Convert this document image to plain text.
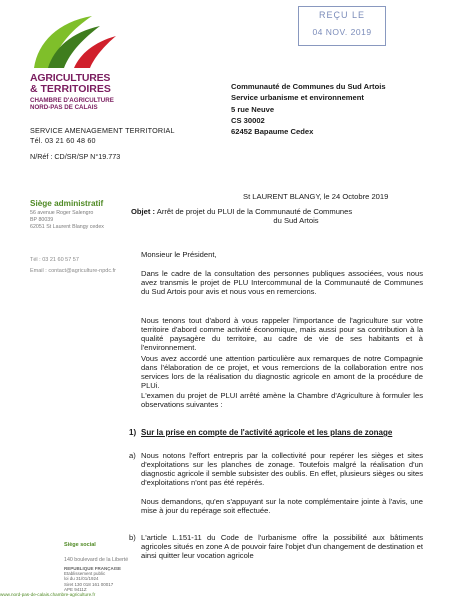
AGRICULTURES
& TERRITOIRES
CHAMBRE D'AGRICULTURE
NORD-PAS DE CALAIS
REÇU LE
04 NOV. 2019
Communauté de Communes du Sud Artois
Service urbanisme et environnement
5 rue Neuve
CS 30002
62452 Bapaume Cedex
SERVICE AMENAGEMENT TERRITORIAL
Tél. 03 21 60 48 60
N/Réf : CD/SR/SP N°19.773
Siège administratif
56 avenue Roger Salengro
BP 80039
62051 St Laurent Blangy cedex
Tél : 03 21 60 57 57
Email : contact@agriculture-npdc.fr
St LAURENT BLANGY, le 24 Octobre 2019
Objet : Arrêt de projet du PLUI de la Communauté de Communes
du Sud Artois
Monsieur le Président,
Dans le cadre de la consultation des personnes publiques associées, vous nous avez transmis le projet de PLU Intercommunal de la Communauté de Communes du Sud Artois pour avis et nous vous en remercions.
Nous tenons tout d'abord à vous rappeler l'importance de l'agriculture sur votre territoire d'abord comme activité économique, mais aussi pour sa contribution à la qualité paysagère du territoire, au cadre de vie de ses habitants et à l'environnement.
Vous avez accordé une attention particulière aux remarques de notre Compagnie dans l'élaboration de ce projet, et vous remercions de la collaboration entre nos services lors de la réalisation du diagnostic agricole en amont de la procédure de PLUi.
L'examen du projet de PLUI arrêté amène la Chambre d'Agriculture à formuler les observations suivantes :
1) Sur la prise en compte de l'activité agricole et les plans de zonage
a) Nous notons l'effort entrepris par la collectivité pour repérer les sièges et sites d'exploitations sur les planches de zonage. Toutefois malgré la réalisation d'un diagnostic agricole il semble subsister des oublis. En effet, plusieurs sièges ou sites d'exploitations n'ont pas été repérés.
Nous demandons, qu'en s'appuyant sur la note complémentaire jointe à l'avis, une mise à jour du repérage soit effectuée.
b) L'article L.151-11 du Code de l'urbanisme offre la possibilité aux bâtiments agricoles situés en zone A de pouvoir faire l'objet d'un changement de destination et ainsi quitter leur vocation agricole
Siège social
140 boulevard de la Liberté
REPUBLIQUE FRANÇAISE
Etablissement public
loi du 31/01/1924
Siret 130 018 161 00017
APE 9411Z
www.nord-pas-de-calais.chambre-agriculture.fr
